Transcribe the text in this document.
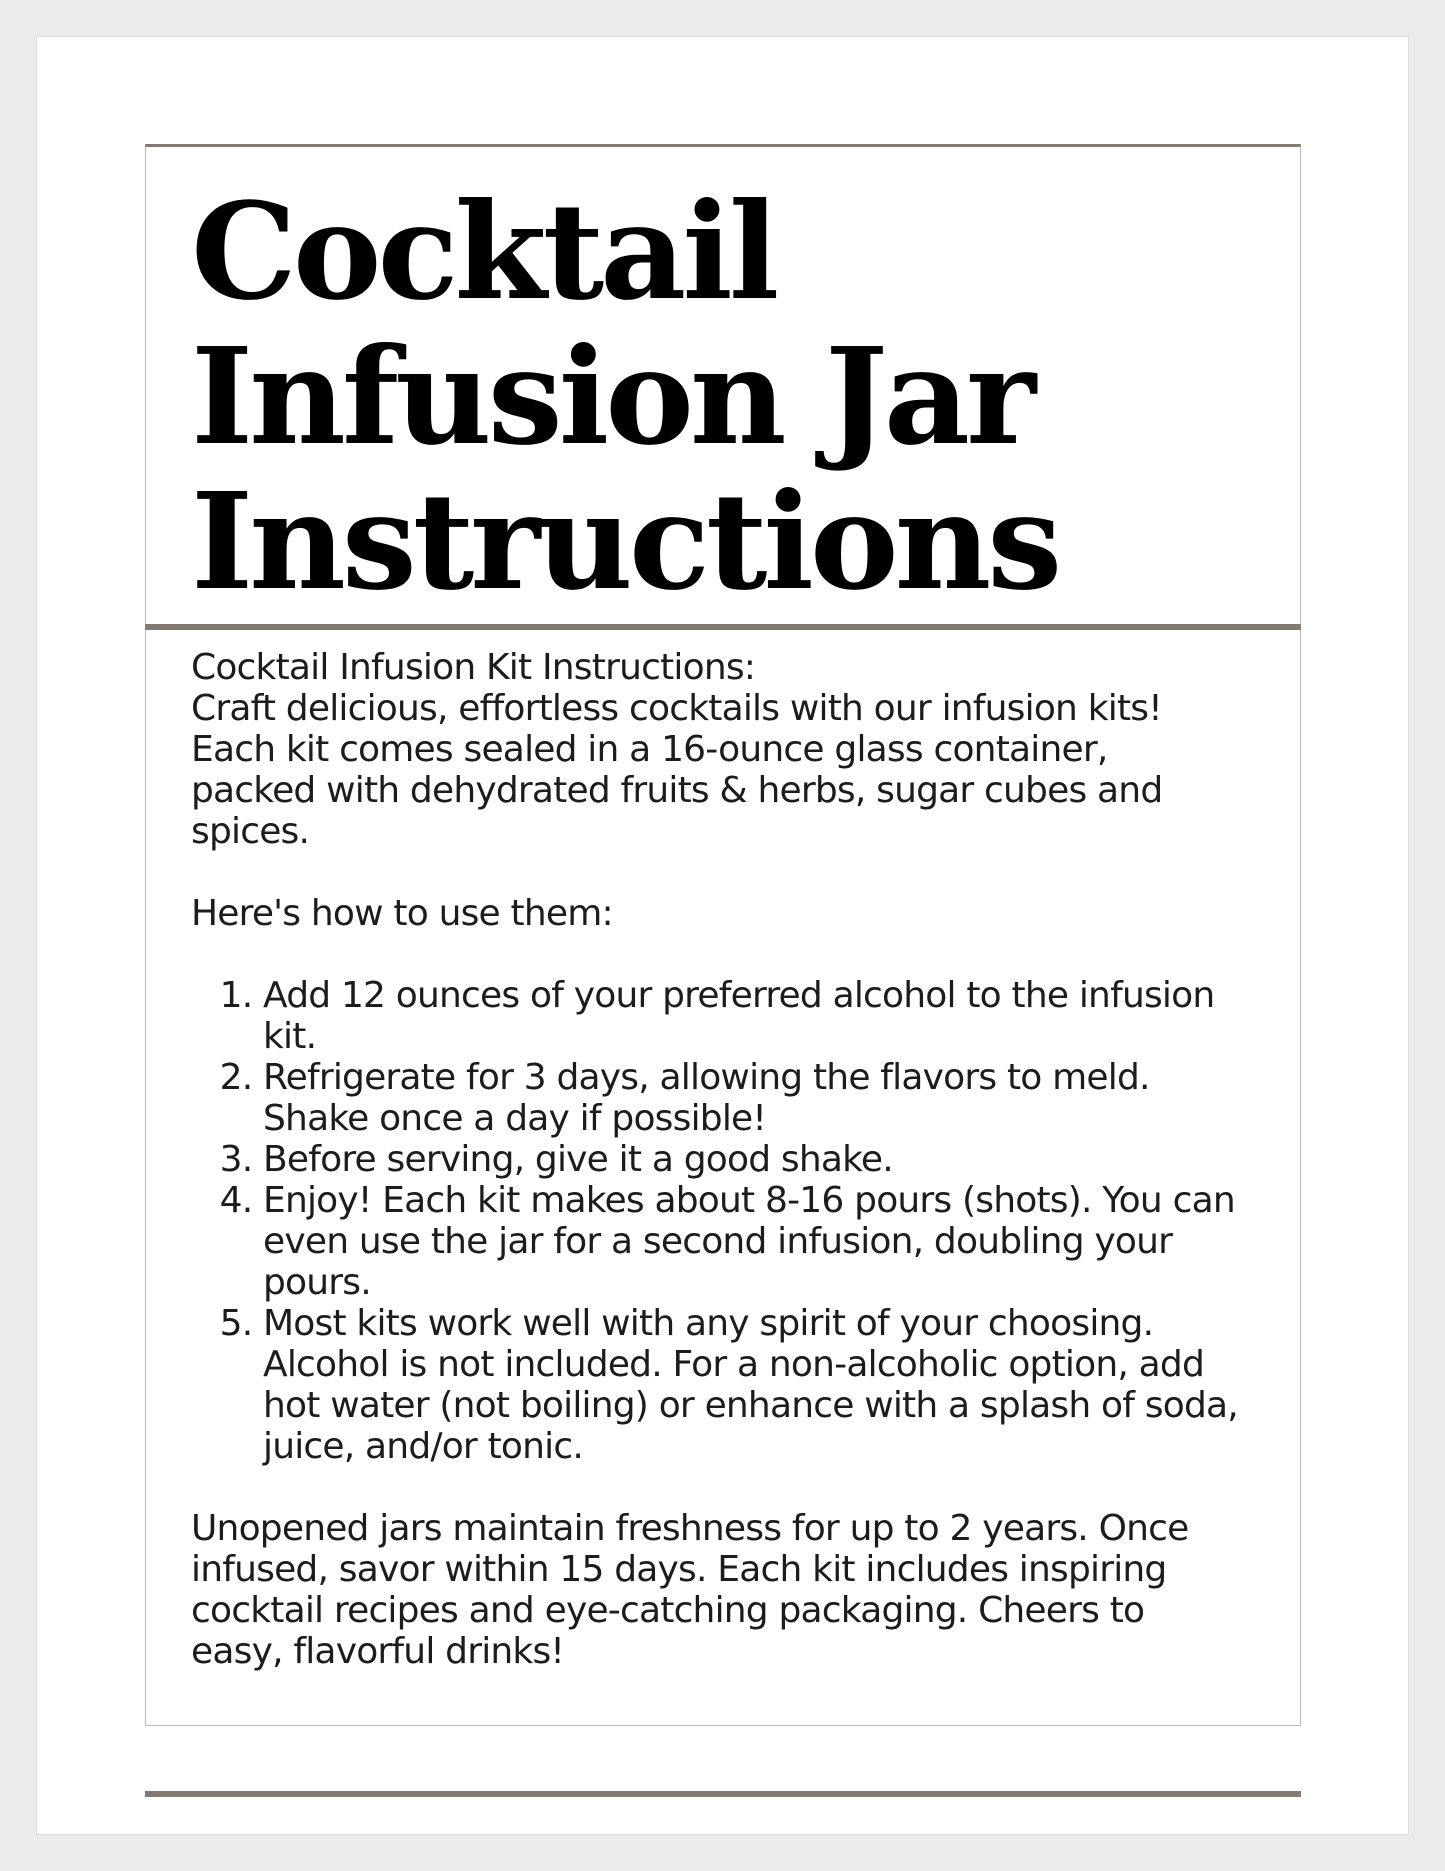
Cocktail
Infusion Jar
Instructions

Cocktail Infusion Kit Instructions:

Craft delicious, effortless cocktails with our infusion kits! Each kit comes sealed in a 16-ounce glass container, packed with dehydrated fruits & herbs, sugar cubes and spices.

Here's how to use them:

1. Add 12 ounces of your preferred alcohol to the infusion kit.
2. Refrigerate for 3 days, allowing the flavors to meld. Shake once a day if possible!
3. Before serving, give it a good shake.
4. Enjoy! Each kit makes about 8-16 pours (shots). You can even use the jar for a second infusion, doubling your pours.
5. Most kits work well with any spirit of your choosing. Alcohol is not included. For a non-alcoholic option, add hot water (not boiling) or enhance with a splash of soda, juice, and/or tonic.

Unopened jars maintain freshness for up to 2 years. Once infused, savor within 15 days. Each kit includes inspiring cocktail recipes and eye-catching packaging. Cheers to easy, flavorful drinks!
